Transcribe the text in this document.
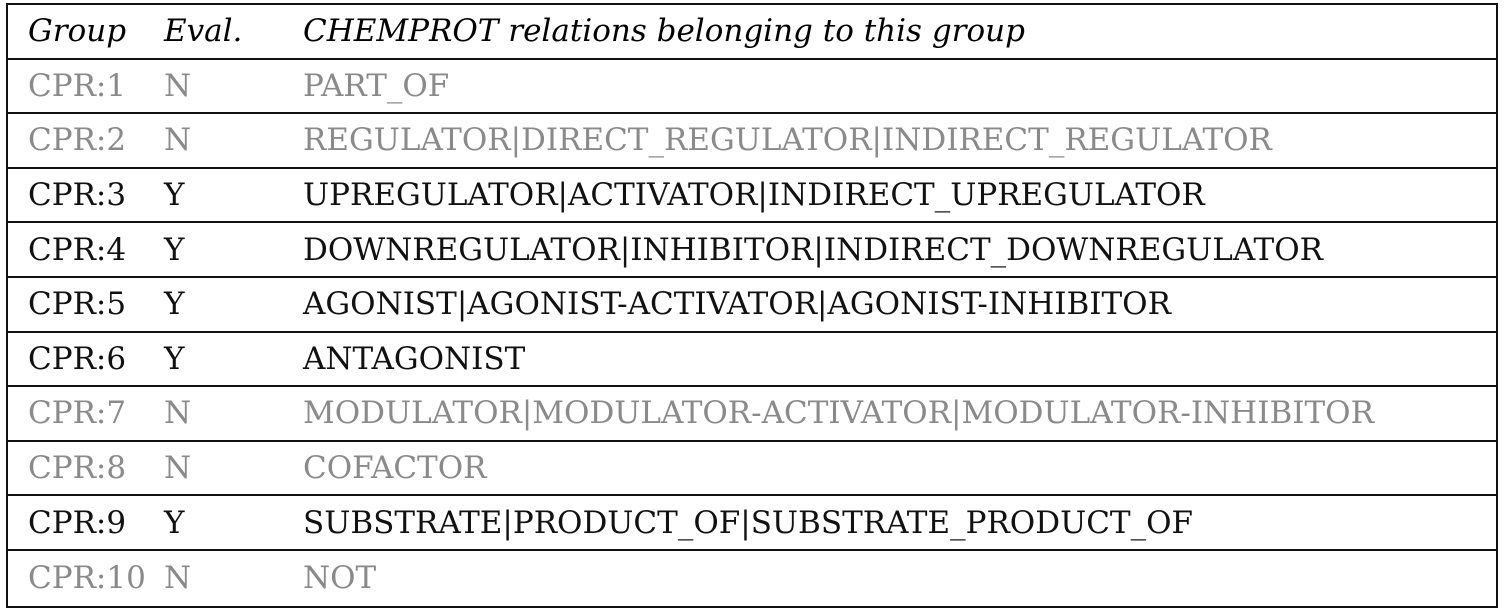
Group	Eval.	CHEMPROT relations belonging to this group
CPR:1	N	PART_OF
CPR:2	N	REGULATOR|DIRECT_REGULATOR|INDIRECT_REGULATOR
CPR:3	Y	UPREGULATOR|ACTIVATOR|INDIRECT_UPREGULATOR
CPR:4	Y	DOWNREGULATOR|INHIBITOR|INDIRECT_DOWNREGULATOR
CPR:5	Y	AGONIST|AGONIST-ACTIVATOR|AGONIST-INHIBITOR
CPR:6	Y	ANTAGONIST
CPR:7	N	MODULATOR|MODULATOR-ACTIVATOR|MODULATOR-INHIBITOR
CPR:8	N	COFACTOR
CPR:9	Y	SUBSTRATE|PRODUCT_OF|SUBSTRATE_PRODUCT_OF
CPR:10 N	NOT
